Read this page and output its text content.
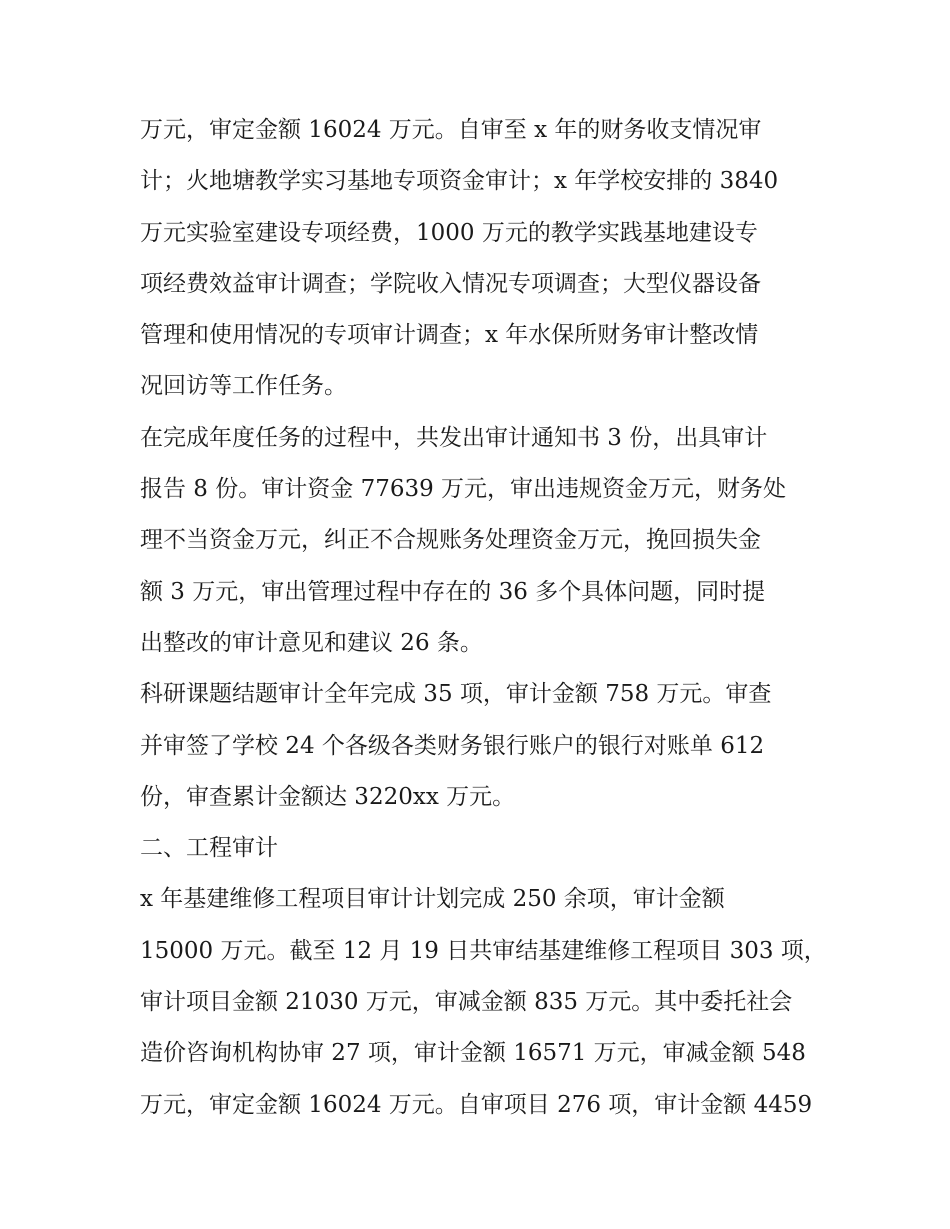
万元，审定金额 16024 万元。自审至 x 年的财务收支情况审
计；火地塘教学实习基地专项资金审计；x 年学校安排的 3840
万元实验室建设专项经费，1000 万元的教学实践基地建设专
项经费效益审计调查；学院收入情况专项调查；大型仪器设备
管理和使用情况的专项审计调查；x 年水保所财务审计整改情
况回访等工作任务。
在完成年度任务的过程中，共发出审计通知书 3 份，出具审计
报告 8 份。审计资金 77639 万元，审出违规资金万元，财务处
理不当资金万元，纠正不合规账务处理资金万元，挽回损失金
额 3 万元，审出管理过程中存在的 36 多个具体问题，同时提
出整改的审计意见和建议 26 条。
科研课题结题审计全年完成 35 项，审计金额 758 万元。审查
并审签了学校 24 个各级各类财务银行账户的银行对账单 612
份，审查累计金额达 3220xx 万元。
二、工程审计
x 年基建维修工程项目审计计划完成 250 余项，审计金额
15000 万元。截至 12 月 19 日共审结基建维修工程项目 303 项，
审计项目金额 21030 万元，审减金额 835 万元。其中委托社会
造价咨询机构协审 27 项，审计金额 16571 万元，审减金额 548
万元，审定金额 16024 万元。自审项目 276 项，审计金额 4459
